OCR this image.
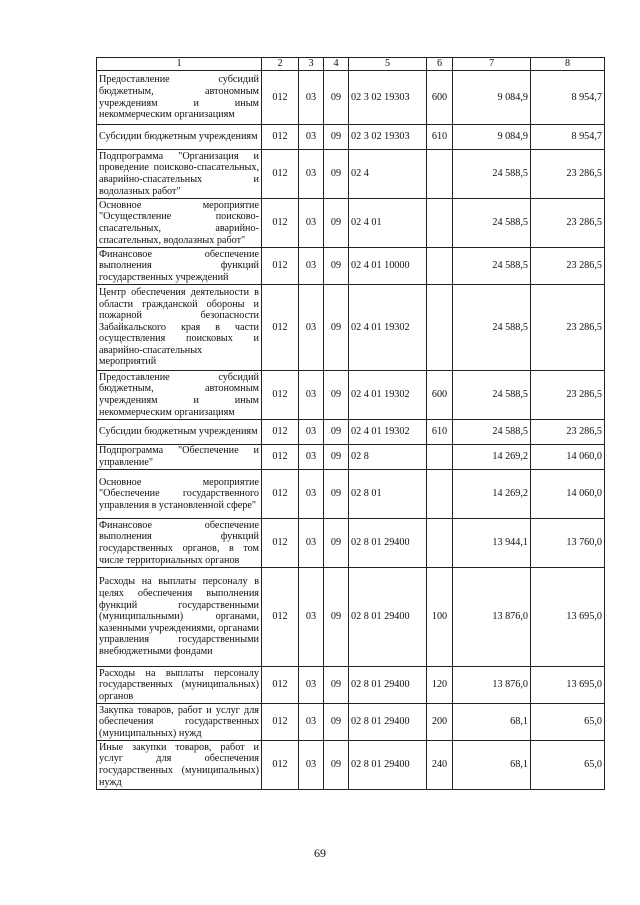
1	2	3	4	5	6	7	8
Предоставление субсидий бюджетным, автономным учреждениям и иным некоммерческим организациям	012	03	09	02 3 02 19303	600	9 084,9	8 954,7
Субсидии бюджетным учреждениям	012	03	09	02 3 02 19303	610	9 084,9	8 954,7
Подпрограмма "Организация и проведение поисково-спасательных, аварийно-спасательных и водолазных работ"	012	03	09	02 4		24 588,5	23 286,5
Основное мероприятие "Осуществление поисково-спасательных, аварийно-спасательных, водолазных работ"	012	03	09	02 4 01		24 588,5	23 286,5
Финансовое обеспечение выполнения функций государственных учреждений	012	03	09	02 4 01 10000		24 588,5	23 286,5
Центр обеспечения деятельности в области гражданской обороны и пожарной безопасности Забайкальского края в части осуществления поисковых и аварийно-спасательных мероприятий	012	03	09	02 4 01 19302		24 588,5	23 286,5
Предоставление субсидий бюджетным, автономным учреждениям и иным некоммерческим организациям	012	03	09	02 4 01 19302	600	24 588,5	23 286,5
Субсидии бюджетным учреждениям	012	03	09	02 4 01 19302	610	24 588,5	23 286,5
Подпрограмма "Обеспечение и управление"	012	03	09	02 8		14 269,2	14 060,0
Основное мероприятие "Обеспечение государственного управления в установленной сфере"	012	03	09	02 8 01		14 269,2	14 060,0
Финансовое обеспечение выполнения функций государственных органов, в том числе территориальных органов	012	03	09	02 8 01 29400		13 944,1	13 760,0
Расходы на выплаты персоналу в целях обеспечения выполнения функций государственными (муниципальными) органами, казенными учреждениями, органами управления государственными внебюджетными фондами	012	03	09	02 8 01 29400	100	13 876,0	13 695,0
Расходы на выплаты персоналу государственных (муниципальных) органов	012	03	09	02 8 01 29400	120	13 876,0	13 695,0
Закупка товаров, работ и услуг для обеспечения государственных (муниципальных) нужд	012	03	09	02 8 01 29400	200	68,1	65,0
Иные закупки товаров, работ и услуг для обеспечения государственных (муниципальных) нужд	012	03	09	02 8 01 29400	240	68,1	65,0
69
